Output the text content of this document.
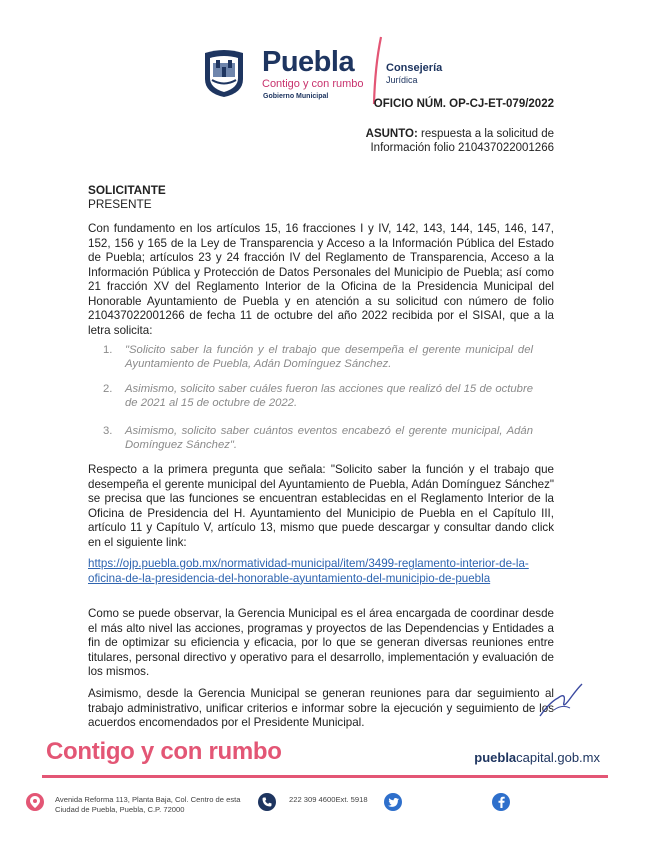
Puebla
Contigo y con rumbo
Gobierno Municipal
Consejería
Jurídica
OFICIO NÚM. OP-CJ-ET-079/2022
ASUNTO: respuesta a la solicitud de
Información folio 210437022001266
SOLICITANTE
PRESENTE
Con fundamento en los artículos 15, 16 fracciones I y IV, 142, 143, 144, 145, 146, 147, 152, 156 y 165 de la Ley de Transparencia y Acceso a la Información Pública del Estado de Puebla; artículos 23 y 24 fracción IV del Reglamento de Transparencia, Acceso a la Información Pública y Protección de Datos Personales del Municipio de Puebla; así como 21 fracción XV del Reglamento Interior de la Oficina de la Presidencia Municipal del Honorable Ayuntamiento de Puebla y en atención a su solicitud con número de folio 210437022001266 de fecha 11 de octubre del año 2022 recibida por el SISAI, que a la letra solicita:
1. "Solicito saber la función y el trabajo que desempeña el gerente municipal del Ayuntamiento de Puebla, Adán Domínguez Sánchez.
2. Asimismo, solicito saber cuáles fueron las acciones que realizó del 15 de octubre de 2021 al 15 de octubre de 2022.
3. Asimismo, solicito saber cuántos eventos encabezó el gerente municipal, Adán Domínguez Sánchez".
Respecto a la primera pregunta que señala: "Solicito saber la función y el trabajo que desempeña el gerente municipal del Ayuntamiento de Puebla, Adán Domínguez Sánchez" se precisa que las funciones se encuentran establecidas en el Reglamento Interior de la Oficina de Presidencia del H. Ayuntamiento del Municipio de Puebla en el Capítulo III, artículo 11 y Capítulo V, artículo 13, mismo que puede descargar y consultar dando click en el siguiente link:
https://ojp.puebla.gob.mx/normatividad-municipal/item/3499-reglamento-interior-de-la-oficina-de-la-presidencia-del-honorable-ayuntamiento-del-municipio-de-puebla
Como se puede observar, la Gerencia Municipal es el área encargada de coordinar desde el más alto nivel las acciones, programas y proyectos de las Dependencias y Entidades a fin de optimizar su eficiencia y eficacia, por lo que se generan diversas reuniones entre titulares, personal directivo y operativo para el desarrollo, implementación y evaluación de los mismos.
Asimismo, desde la Gerencia Municipal se generan reuniones para dar seguimiento al trabajo administrativo, unificar criterios e informar sobre la ejecución y seguimiento de los acuerdos encomendados por el Presidente Municipal.
Contigo y con rumbo	pueblacapital.gob.mx
Avenida Reforma 113, Planta Baja, Col. Centro de esta Ciudad de Puebla, Puebla, C.P. 72000
222 309 4600Ext. 5918
